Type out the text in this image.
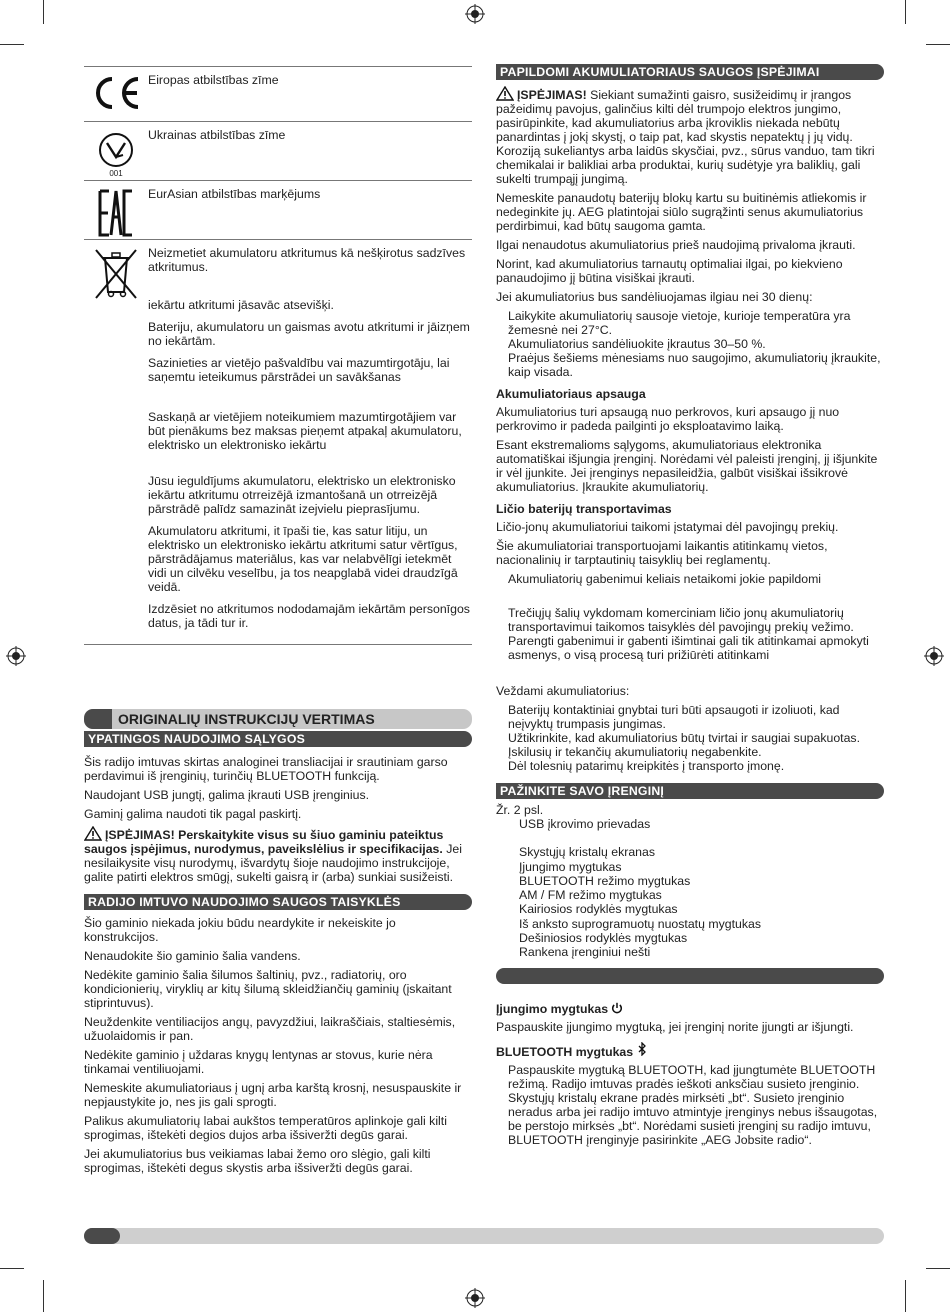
Eiropas atbilstības zīme
001
Ukrainas atbilstības zīme
EurAsian atbilstības marķējums

Neizmetiet akumulatoru atkritumus kā nešķirotus sadzīves atkritumus.

iekārtu atkritumi jāsavāc atsevišķi.

Bateriju, akumulatoru un gaismas avotu atkritumi ir jāizņem no iekārtām.

Sazinieties ar vietējo pašvaldību vai mazumtirgotāju, lai saņemtu ieteikumus pārstrādei un savākšanas

Saskaņā ar vietējiem noteikumiem mazumtirgotājiem var būt pienākums bez maksas pieņemt atpakaļ akumulatoru, elektrisko un elektronisko iekārtu

Jūsu ieguldījums akumulatoru, elektrisko un elektronisko iekārtu atkritumu otrreizējā izmantošanā un otrreizējā pārstrādē palīdz samazināt izejvielu pieprasījumu.

Akumulatoru atkritumi, it īpaši tie, kas satur litiju, un elektrisko un elektronisko iekārtu atkritumi satur vērtīgus, pārstrādājamus materiālus, kas var nelabvēlīgi ietekmēt vidi un cilvēku veselību, ja tos neapglabā videi draudzīgā veidā.

Izdzēsiet no atkritumos nododamajām iekārtām personīgos datus, ja tādi tur ir.

ORIGINALIŲ INSTRUKCIJŲ VERTIMAS
YPATINGOS NAUDOJIMO SĄLYGOS

Šis radijo imtuvas skirtas analoginei transliacijai ir srautiniam garso perdavimui iš įrenginių, turinčių BLUETOOTH funkciją.

Naudojant USB jungtį, galima įkrauti USB įrenginius.

Gaminį galima naudoti tik pagal paskirtį.

ĮSPĖJIMAS! Perskaitykite visus su šiuo gaminiu pateiktus saugos įspėjimus, nurodymus, paveikslėlius ir specifikacijas. Jei nesilaikysite visų nurodymų, išvardytų šioje naudojimo instrukcijoje, galite patirti elektros smūgį, sukelti gaisrą ir (arba) sunkiai susižeisti.

RADIJO IMTUVO NAUDOJIMO SAUGOS TAISYKLĖS

Šio gaminio niekada jokiu būdu neardykite ir nekeiskite jo konstrukcijos.

Nenaudokite šio gaminio šalia vandens.

Nedėkite gaminio šalia šilumos šaltinių, pvz., radiatorių, oro kondicionierių, viryklių ar kitų šilumą skleidžiančių gaminių (įskaitant stiprintuvus).

Neuždenkite ventiliacijos angų, pavyzdžiui, laikraščiais, staltiesėmis, užuolaidomis ir pan.

Nedėkite gaminio į uždaras knygų lentynas ar stovus, kurie nėra tinkamai ventiliuojami.

Nemeskite akumuliatoriaus į ugnį arba karštą krosnį, nesuspauskite ir nepjaustykite jo, nes jis gali sprogti.

Palikus akumuliatorių labai aukštos temperatūros aplinkoje gali kilti sprogimas, ištekėti degios dujos arba išsiveržti degūs garai.

Jei akumuliatorius bus veikiamas labai žemo oro slėgio, gali kilti sprogimas, ištekėti degus skystis arba išsiveržti degūs garai.

PAPILDOMI AKUMULIATORIAUS SAUGOS ĮSPĖJIMAI

ĮSPĖJIMAS! Siekiant sumažinti gaisro, susižeidimų ir įrangos pažeidimų pavojus, galinčius kilti dėl trumpojo elektros jungimo, pasirūpinkite, kad akumuliatorius arba įkroviklis niekada nebūtų panardintas į jokį skystį, o taip pat, kad skystis nepatektų į jų vidų. Koroziją sukeliantys arba laidūs skysčiai, pvz., sūrus vanduo, tam tikri chemikalai ir balikliai arba produktai, kurių sudėtyje yra baliklių, gali sukelti trumpąjį jungimą.

Nemeskite panaudotų baterijų blokų kartu su buitinėmis atliekomis ir nedeginkite jų. AEG platintojai siūlo sugrąžinti senus akumuliatorius perdirbimui, kad būtų saugoma gamta.

Ilgai nenaudotus akumuliatorius prieš naudojimą privaloma įkrauti.

Norint, kad akumuliatorius tarnautų optimaliai ilgai, po kiekvieno panaudojimo jį būtina visiškai įkrauti.

Jei akumuliatorius bus sandėliuojamas ilgiau nei 30 dienų:

Laikykite akumuliatorių sausoje vietoje, kurioje temperatūra yra žemesnė nei 27°C.

Akumuliatorius sandėliuokite įkrautus 30–50 %.

Praėjus šešiems mėnesiams nuo saugojimo, akumuliatorių įkraukite, kaip visada.

Akumuliatoriaus apsauga

Akumuliatorius turi apsaugą nuo perkrovos, kuri apsaugo jį nuo perkrovimo ir padeda pailginti jo eksploatavimo laiką.

Esant ekstremalioms sąlygoms, akumuliatoriaus elektronika automatiškai išjungia įrenginį. Norėdami vėl paleisti įrenginį, jį išjunkite ir vėl įjunkite. Jei įrenginys nepasileidžia, galbūt visiškai išsikrovė akumuliatorius. Įkraukite akumuliatorių.

Ličio baterijų transportavimas

Ličio-jonų akumuliatoriui taikomi įstatymai dėl pavojingų prekių.

Šie akumuliatoriai transportuojami laikantis atitinkamų vietos, nacionalinių ir tarptautinių taisyklių bei reglamentų.

Akumuliatorių gabenimui keliais netaikomi jokie papildomi

Trečiųjų šalių vykdomam komerciniam ličio jonų akumuliatorių transportavimui taikomos taisyklės dėl pavojingų prekių vežimo. Parengti gabenimui ir gabenti išimtinai gali tik atitinkamai apmokyti asmenys, o visą procesą turi prižiūrėti atitinkami

Veždami akumuliatorius:

Baterijų kontaktiniai gnybtai turi būti apsaugoti ir izoliuoti, kad neįvyktų trumpasis jungimas.

Užtikrinkite, kad akumuliatorius būtų tvirtai ir saugiai supakuotas.

Įskilusių ir tekančių akumuliatorių negabenkite.

Dėl tolesnių patarimų kreipkitės į transporto įmonę.

PAŽINKITE SAVO ĮRENGINĮ

Žr. 2 psl.

USB įkrovimo prievadas
Skystųjų kristalų ekranas
Įjungimo mygtukas
BLUETOOTH režimo mygtukas
AM / FM režimo mygtukas
Kairiosios rodyklės mygtukas
Iš anksto suprogramuotų nuostatų mygtukas
Dešiniosios rodyklės mygtukas
Rankena įrenginiui nešti
Įjungimo mygtukas

Paspauskite įjungimo mygtuką, jei įrenginį norite įjungti ar išjungti.

BLUETOOTH mygtukas

Paspauskite mygtuką BLUETOOTH, kad įjungtumėte BLUETOOTH režimą. Radijo imtuvas pradės ieškoti anksčiau susieto įrenginio. Skystųjų kristalų ekrane pradės mirksėti „bt“. Susieto įrenginio neradus arba jei radijo imtuvo atmintyje įrenginys nebus išsaugotas, be perstojo mirksės „bt“. Norėdami susieti įrenginį su radijo imtuvu, BLUETOOTH įrenginyje pasirinkite „AEG Jobsite radio“.
